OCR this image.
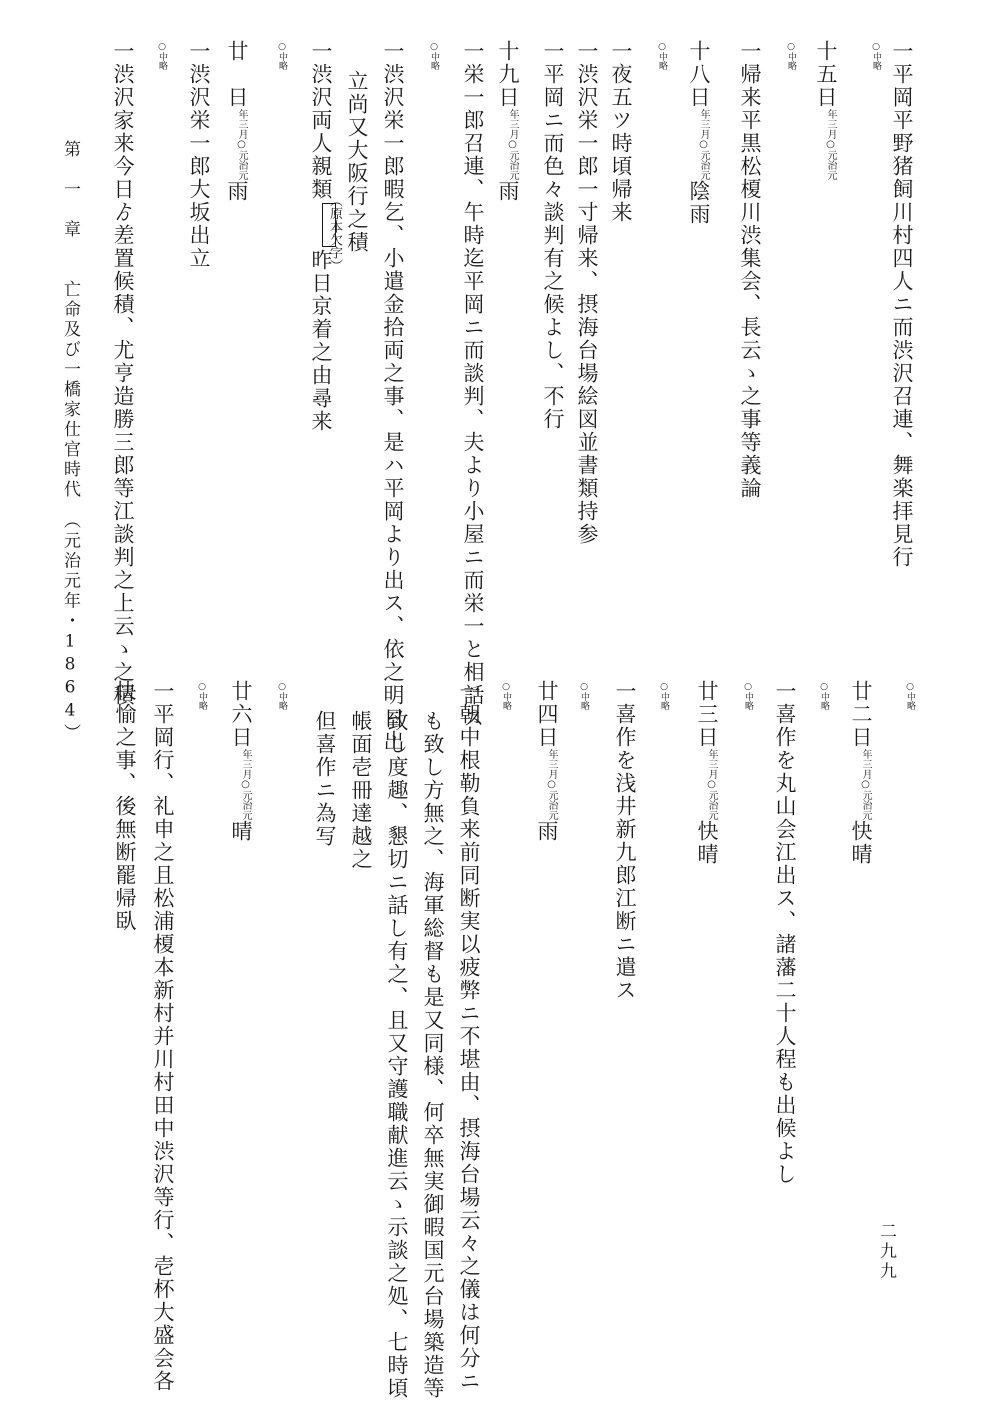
○中略 一平岡平野猪飼川村四人ニ而渋沢召連、舞楽拝見行
十五日
○元治元
年三月
○中略
一帰来平黒松榎川渋集会、長云ゝ之事等義論
十八日
○元治元
年三月
陰雨
○中略
一夜五ツ時頃帰来
一渋沢栄一郎一寸帰来、摂海台場絵図並書類持参
一平岡ニ而色々談判有之候よし、不行
十九日
○元治元
年三月
雨
一栄一郎召連、午時迄平岡ニ而談判、夫より小屋ニ而栄一と相話ス
○中略
一渋沢栄一郎暇乞、小遣金拾両之事、是ハ平岡より出ス、依之明日出
立尚又大阪行之積
一渋沢両人親類昨日京着之由尋来
（原本欠字）
○中略
一渋沢栄一郎大坂出立 廿　日
○元治元
年三月
雨
○中略
一渋沢家来今日ゟ差置候積、尤亨造勝三郎等江談判之上云ゝ之積	○中略
廿二日
○元治元
年三月
快晴
○中略
一喜作を丸山会江出ス、諸藩二十人程も出候よし
○中略
廿三日
○元治元
年三月
快晴
○中略
一喜作を浅井新九郎江断ニ遣ス
○中略
廿四日
○元治元
年三月
雨
○中略
一朝中根勒負来前同断実以疲弊ニ不堪由、摂海台場云々之儀は何分ニ
も致し方無之、海軍総督も是又同様、何卒無実御暇国元台場築造等
致し度趣、懇切ニ話し有之、且又守護職献進云ゝ示談之処、七時頃
帳面壱冊達越之
但喜作ニ為写
○中略
廿六日
○元治元
年三月
晴
○中略
一平岡行、礼申之且松浦榎本新村并川村田中渋沢等行、壱杯大盛会各
快愉之事、後無断罷帰臥
第　一　章　　亡命及び一橋家仕官時代　（元治元年・1864）
二九九
